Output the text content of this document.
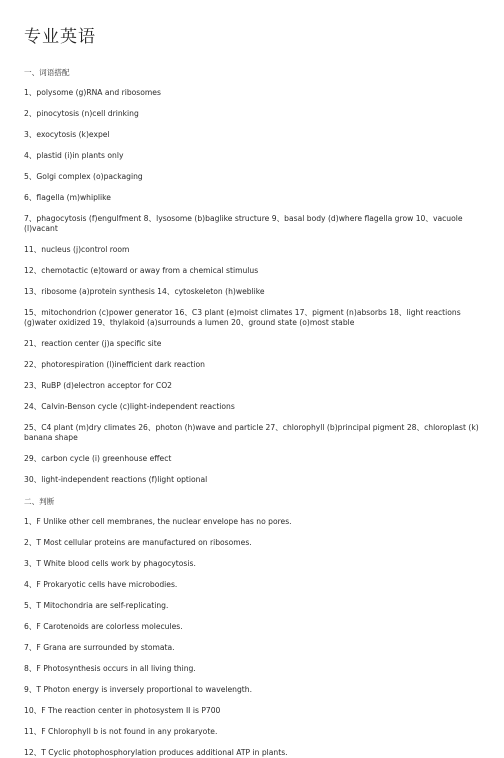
专业英语
一、词语搭配
1、polysome (g)RNA and ribosomes
2、pinocytosis (n)cell drinking
3、exocytosis (k)expel
4、plastid (i)in plants only
5、Golgi complex (o)packaging
6、flagella (m)whiplike
7、phagocytosis (f)engulfment 8、lysosome (b)baglike structure 9、basal body (d)where flagella grow 10、vacuole (l)vacant
11、nucleus (j)control room
12、chemotactic (e)toward or away from a chemical stimulus
13、ribosome (a)protein synthesis 14、cytoskeleton (h)weblike
15、mitochondrion (c)power generator 16、C3 plant (e)moist climates 17、pigment (n)absorbs 18、light reactions (g)water oxidized 19、thylakoid (a)surrounds a lumen 20、ground state (o)most stable
21、reaction center (j)a specific site
22、photorespiration (l)inefficient dark reaction
23、RuBP (d)electron acceptor for CO2
24、Calvin-Benson cycle (c)light-independent reactions
25、C4 plant (m)dry climates 26、photon (h)wave and particle 27、chlorophyll (b)principal pigment 28、chloroplast (k) banana shape
29、carbon cycle (i) greenhouse effect
30、light-independent reactions (f)light optional
二、判断
1、F Unlike other cell membranes, the nuclear envelope has no pores.
2、T Most cellular proteins are manufactured on ribosomes.
3、T White blood cells work by phagocytosis.
4、F Prokaryotic cells have microbodies.
5、T Mitochondria are self-replicating.
6、F Carotenoids are colorless molecules.
7、F Grana are surrounded by stomata.
8、F Photosynthesis occurs in all living thing.
9、T Photon energy is inversely proportional to wavelength.
10、F The reaction center in photosystem II is P700
11、F Chlorophyll b is not found in any prokaryote.
12、T Cyclic photophosphorylation produces additional ATP in plants.
